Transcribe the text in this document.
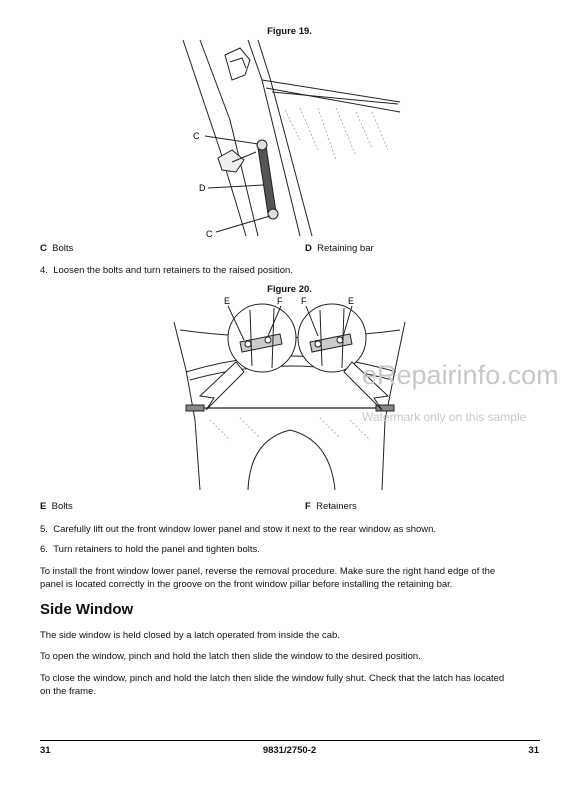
Figure 19.
C
D
C
C Bolts	D Retaining bar
4. Loosen the bolts and turn retainers to the raised position.
Figure 20.
E	F F	E
eRepairinfo.com
Watermark only on this sample
E Bolts	F Retainers
5. Carefully lift out the front window lower panel and stow it next to the rear window as shown.
6. Turn retainers to hold the panel and tighten bolts.
To install the front window lower panel, reverse the removal procedure. Make sure the right hand edge of the
panel is located correctly in the groove on the front window pillar before installing the retaining bar.
Side Window
The side window is held closed by a latch operated from inside the cab.
To open the window, pinch and hold the latch then slide the window to the desired position.
To close the window, pinch and hold the latch then slide the window fully shut. Check that the latch has located
on the frame.
31	9831/2750-2	31
